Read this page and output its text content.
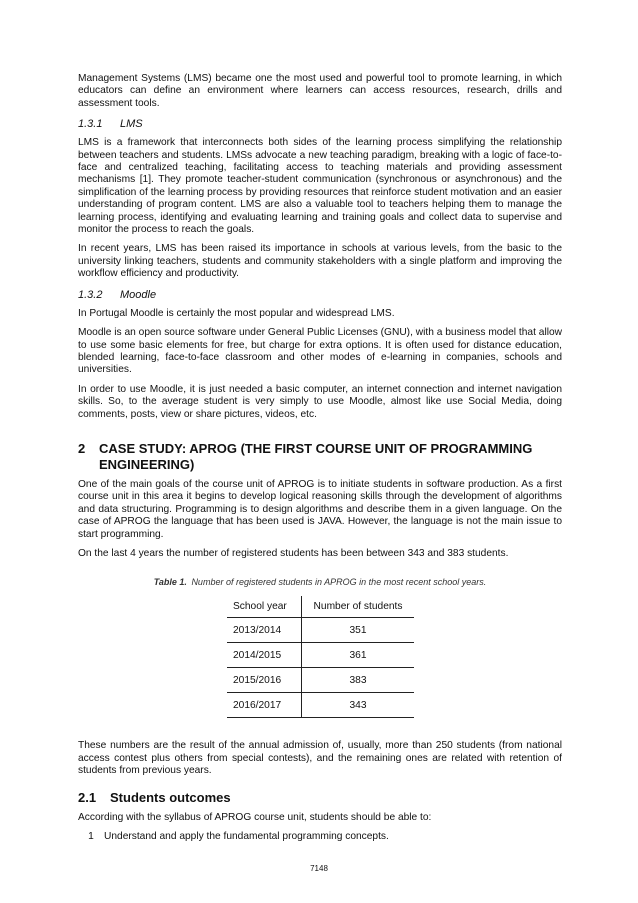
Management Systems (LMS) became one the most used and powerful tool to promote learning, in which educators can define an environment where learners can access resources, research, drills and assessment tools.

1.3.1 LMS

LMS is a framework that interconnects both sides of the learning process simplifying the relationship between teachers and students. LMSs advocate a new teaching paradigm, breaking with a logic of face-to-face and centralized teaching, facilitating access to teaching materials and providing assessment mechanisms [1]. They promote teacher-student communication (synchronous or asynchronous) and the simplification of the learning process by providing resources that reinforce student motivation and an easier understanding of program content. LMS are also a valuable tool to teachers helping them to manage the learning process, identifying and evaluating learning and training goals and collect data to supervise and monitor the process to reach the goals.

In recent years, LMS has been raised its importance in schools at various levels, from the basic to the university linking teachers, students and community stakeholders with a single platform and improving the workflow efficiency and productivity.

1.3.2 Moodle

In Portugal Moodle is certainly the most popular and widespread LMS.

Moodle is an open source software under General Public Licenses (GNU), with a business model that allow to use some basic elements for free, but charge for extra options. It is often used for distance education, blended learning, face-to-face classroom and other modes of e-learning in companies, schools and universities.

In order to use Moodle, it is just needed a basic computer, an internet connection and internet navigation skills. So, to the average student is very simply to use Moodle, almost like use Social Media, doing comments, posts, view or share pictures, videos, etc.

2	CASE STUDY: APROG (THE FIRST COURSE UNIT OF PROGRAMMING ENGINEERING)

One of the main goals of the course unit of APROG is to initiate students in software production. As a first course unit in this area it begins to develop logical reasoning skills through the development of algorithms and data structuring. Programming is to design algorithms and describe them in a given language. On the case of APROG the language that has been used is JAVA. However, the language is not the main issue to start programming.

On the last 4 years the number of registered students has been between 343 and 383 students.

Table 1. Number of registered students in APROG in the most recent school years.
School year	Number of students
2013/2014	351
2014/2015	361
2015/2016	383
2016/2017	343

These numbers are the result of the annual admission of, usually, more than 250 students (from national access contest plus others from special contests), and the remaining ones are related with retention of students from previous years.

2.1	Students outcomes

According with the syllabus of APROG course unit, students should be able to:

1 Understand and apply the fundamental programming concepts.
7148
